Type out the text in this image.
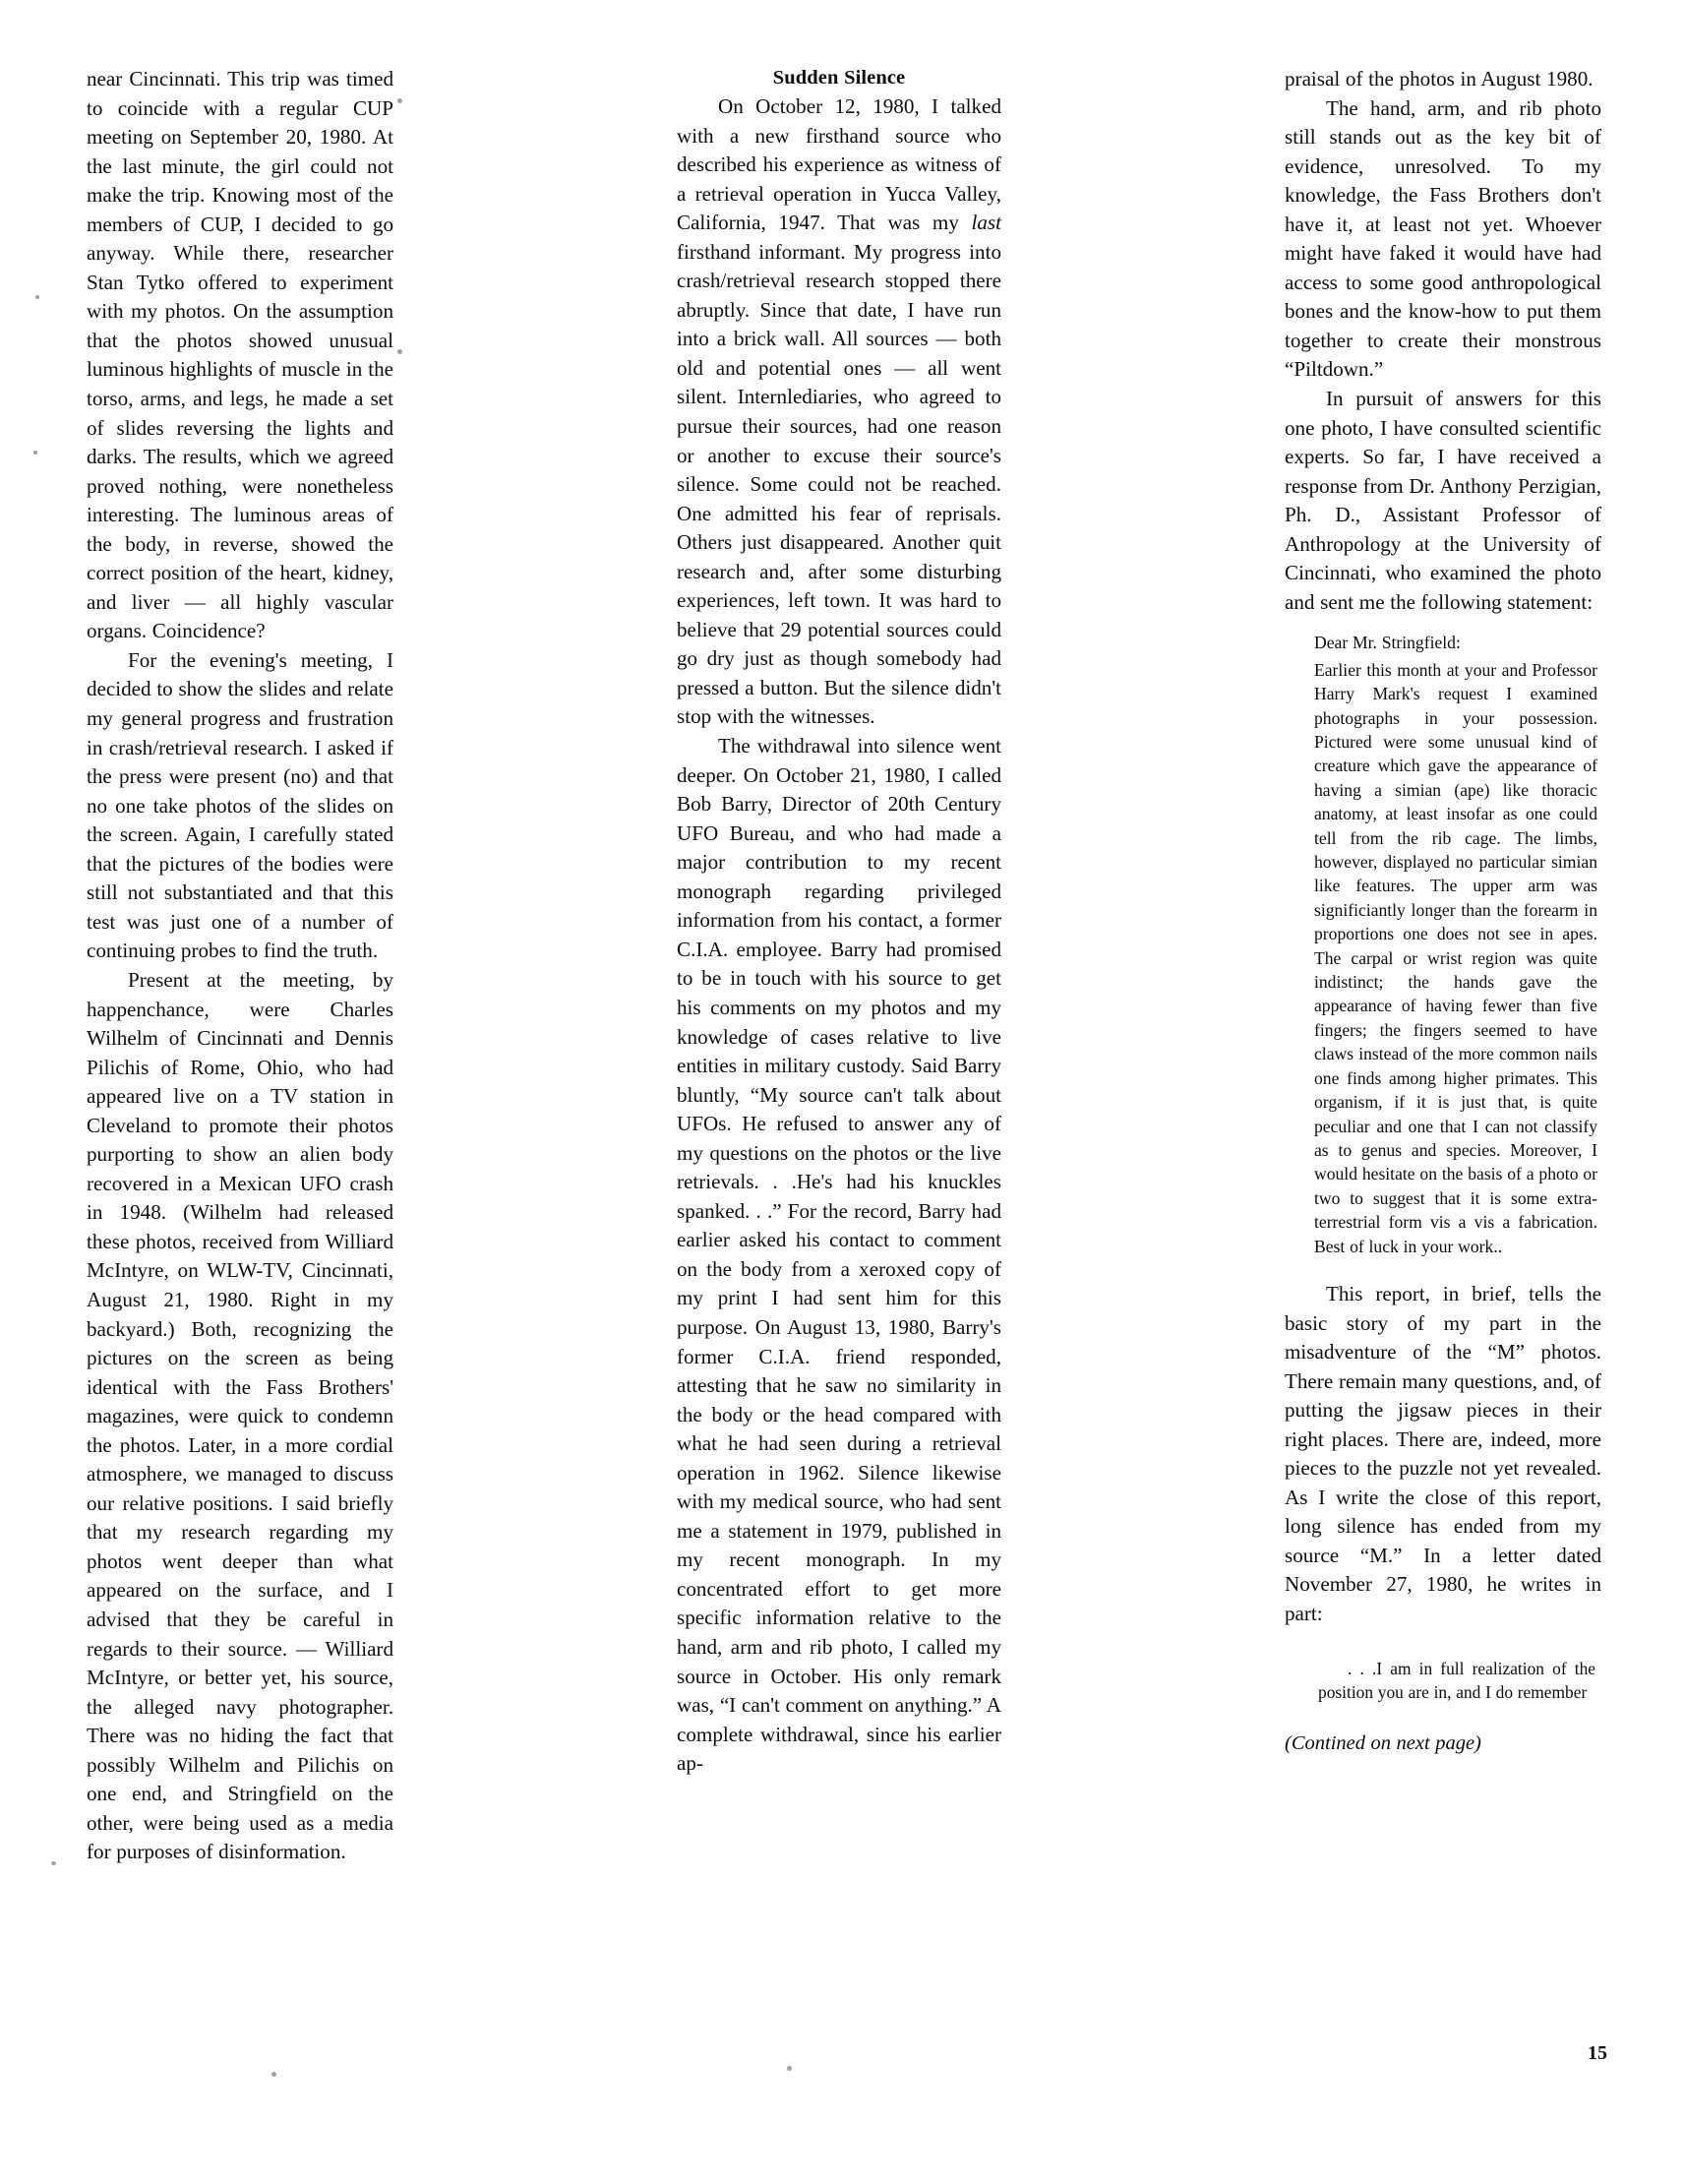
near Cincinnati. This trip was timed to coincide with a regular CUP meeting on September 20, 1980. At the last minute, the girl could not make the trip. Knowing most of the members of CUP, I decided to go anyway. While there, researcher Stan Tytko offered to experiment with my photos. On the assumption that the photos showed unusual luminous highlights of muscle in the torso, arms, and legs, he made a set of slides reversing the lights and darks. The results, which we agreed proved nothing, were nonetheless interesting. The luminous areas of the body, in reverse, showed the correct position of the heart, kidney, and liver — all highly vascular organs. Coincidence?

For the evening's meeting, I decided to show the slides and relate my general progress and frustration in crash/retrieval research. I asked if the press were present (no) and that no one take photos of the slides on the screen. Again, I carefully stated that the pictures of the bodies were still not substantiated and that this test was just one of a number of continuing probes to find the truth.

Present at the meeting, by happenchance, were Charles Wilhelm of Cincinnati and Dennis Pilichis of Rome, Ohio, who had appeared live on a TV station in Cleveland to promote their photos purporting to show an alien body recovered in a Mexican UFO crash in 1948. (Wilhelm had released these photos, received from Williard McIntyre, on WLW-TV, Cincinnati, August 21, 1980. Right in my backyard.) Both, recognizing the pictures on the screen as being identical with the Fass Brothers' magazines, were quick to condemn the photos. Later, in a more cordial atmosphere, we managed to discuss our relative positions. I said briefly that my research regarding my photos went deeper than what appeared on the surface, and I advised that they be careful in regards to their source. — Williard McIntyre, or better yet, his source, the alleged navy photographer. There was no hiding the fact that possibly Wilhelm and Pilichis on one end, and Stringfield on the other, were being used as a media for purposes of disinformation.

Sudden Silence

On October 12, 1980, I talked with a new firsthand source who described his experience as witness of a retrieval operation in Yucca Valley, California, 1947. That was my last firsthand informant. My progress into crash/retrieval research stopped there abruptly. Since that date, I have run into a brick wall. All sources — both old and potential ones — all went silent. Internlediaries, who agreed to pursue their sources, had one reason or another to excuse their source's silence. Some could not be reached. One admitted his fear of reprisals. Others just disappeared. Another quit research and, after some disturbing experiences, left town. It was hard to believe that 29 potential sources could go dry just as though somebody had pressed a button. But the silence didn't stop with the witnesses.

The withdrawal into silence went deeper. On October 21, 1980, I called Bob Barry, Director of 20th Century UFO Bureau, and who had made a major contribution to my recent monograph regarding privileged information from his contact, a former C.I.A. employee. Barry had promised to be in touch with his source to get his comments on my photos and my knowledge of cases relative to live entities in military custody. Said Barry bluntly, “My source can't talk about UFOs. He refused to answer any of my questions on the photos or the live retrievals. . .He's had his knuckles spanked. . .” For the record, Barry had earlier asked his contact to comment on the body from a xeroxed copy of my print I had sent him for this purpose. On August 13, 1980, Barry's former C.I.A. friend responded, attesting that he saw no similarity in the body or the head compared with what he had seen during a retrieval operation in 1962. Silence likewise with my medical source, who had sent me a statement in 1979, published in my recent monograph. In my concentrated effort to get more specific information relative to the hand, arm and rib photo, I called my source in October. His only remark was, “I can't comment on anything.” A complete withdrawal, since his earlier ap-

praisal of the photos in August 1980.

The hand, arm, and rib photo still stands out as the key bit of evidence, unresolved. To my knowledge, the Fass Brothers don't have it, at least not yet. Whoever might have faked it would have had access to some good anthropological bones and the know-how to put them together to create their monstrous “Piltdown.”

In pursuit of answers for this one photo, I have consulted scientific experts. So far, I have received a response from Dr. Anthony Perzigian, Ph. D., Assistant Professor of Anthropology at the University of Cincinnati, who examined the photo and sent me the following statement:

Dear Mr. Stringfield:

Earlier this month at your and Professor Harry Mark's request I examined photographs in your possession. Pictured were some unusual kind of creature which gave the appearance of having a simian (ape) like thoracic anatomy, at least insofar as one could tell from the rib cage. The limbs, however, displayed no particular simian like features. The upper arm was significiantly longer than the forearm in proportions one does not see in apes. The carpal or wrist region was quite indistinct; the hands gave the appearance of having fewer than five fingers; the fingers seemed to have claws instead of the more common nails one finds among higher primates. This organism, if it is just that, is quite peculiar and one that I can not classify as to genus and species. Moreover, I would hesitate on the basis of a photo or two to suggest that it is some extra-terrestrial form vis a vis a fabrication. Best of luck in your work..

This report, in brief, tells the basic story of my part in the misadventure of the “M” photos. There remain many questions, and, of putting the jigsaw pieces in their right places. There are, indeed, more pieces to the puzzle not yet revealed. As I write the close of this report, long silence has ended from my source “M.” In a letter dated November 27, 1980, he writes in part:

. . .I am in full realization of the position you are in, and I do remember

(Contined on next page)

15
